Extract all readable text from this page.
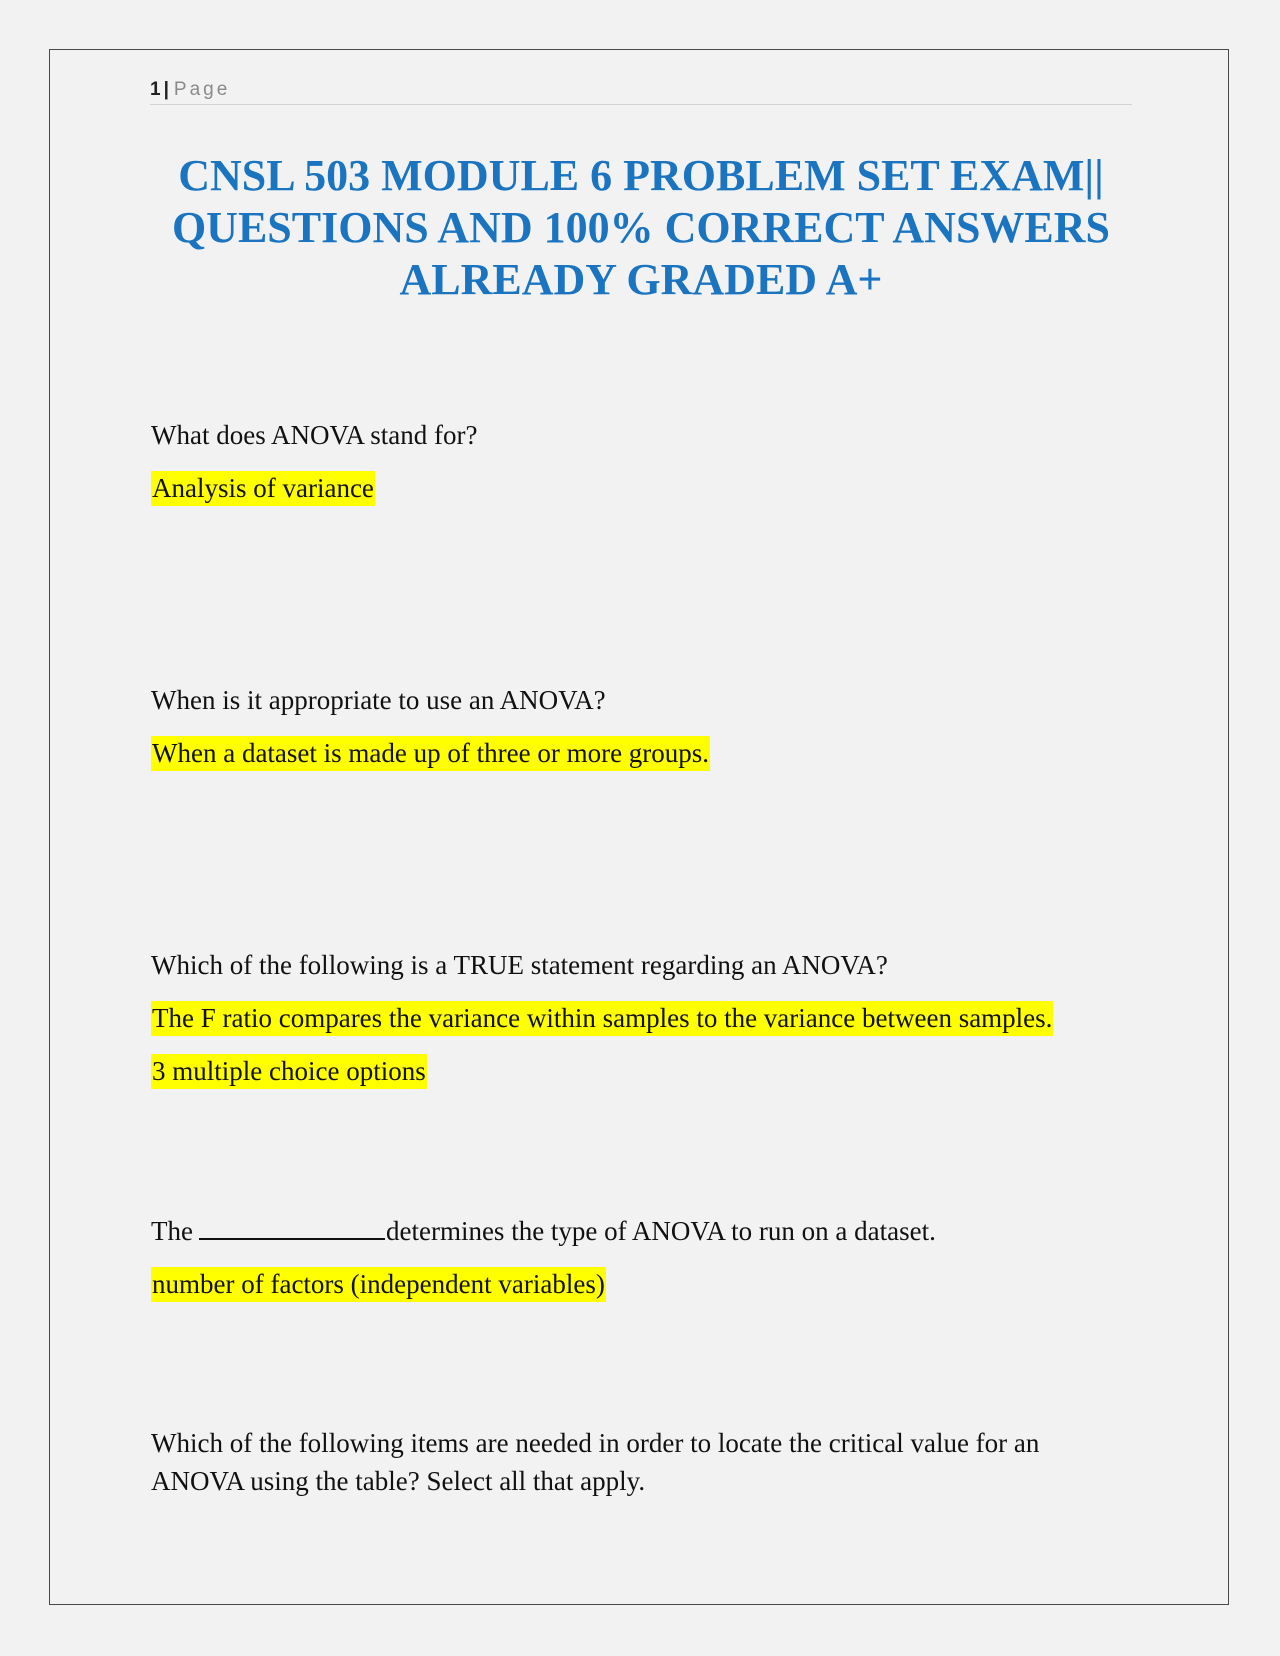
1 | Page
CNSL 503 MODULE 6 PROBLEM SET EXAM||
QUESTIONS AND 100% CORRECT ANSWERS
ALREADY GRADED A+

What does ANOVA stand for?

Analysis of variance

When is it appropriate to use an ANOVA?

When a dataset is made up of three or more groups.

Which of the following is a TRUE statement regarding an ANOVA?

The F ratio compares the variance within samples to the variance between samples.

3 multiple choice options

The	determines the type of ANOVA to run on a dataset.

number of factors (independent variables)

Which of the following items are needed in order to locate the critical value for an ANOVA using the table? Select all that apply.
